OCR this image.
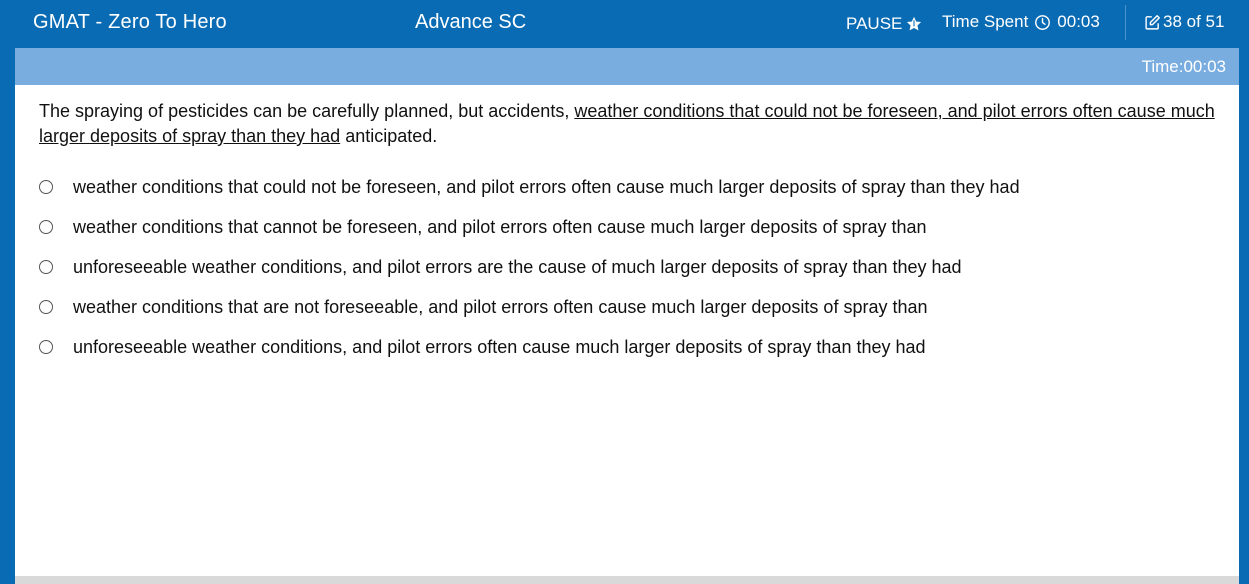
GMAT - Zero To Hero	Advance SC	PAUSE Time Spent 00:03	38 of 51
Time:00:03
The spraying of pesticides can be carefully planned, but accidents, weather conditions that could not be foreseen, and pilot errors often cause much larger deposits of spray than they had anticipated.
weather conditions that could not be foreseen, and pilot errors often cause much larger deposits of spray than they had
weather conditions that cannot be foreseen, and pilot errors often cause much larger deposits of spray than
unforeseeable weather conditions, and pilot errors are the cause of much larger deposits of spray than they had
weather conditions that are not foreseeable, and pilot errors often cause much larger deposits of spray than
unforeseeable weather conditions, and pilot errors often cause much larger deposits of spray than they had
